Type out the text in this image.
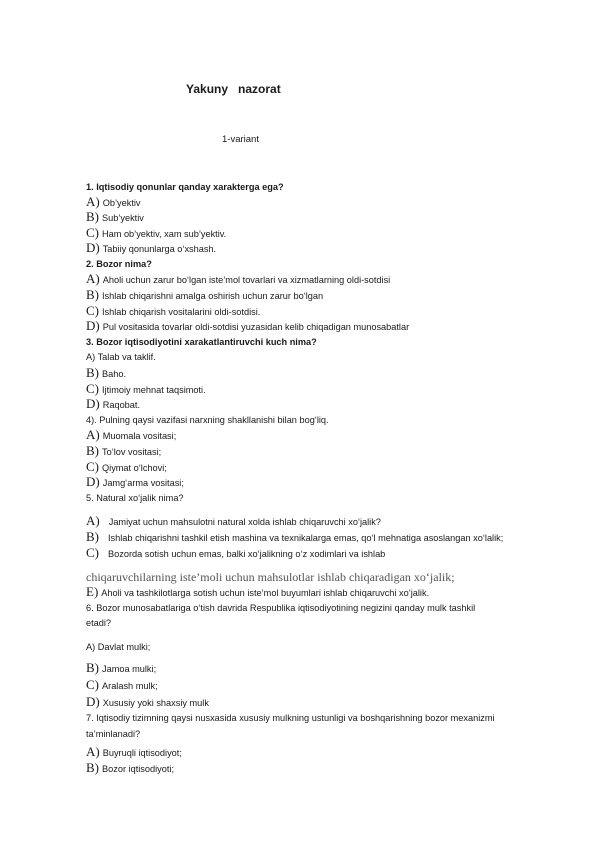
Yakuny   nazorat
1-variant
1. Iqtisodiy qonunlar qanday xarakterga ega?
A) Ob’yektiv
B) Sub’yektiv
C) Ham ob’yektiv, xam sub’yektiv.
D) Tabiiy qonunlarga o‘xshash.
2. Bozor nima?
A) Aholi uchun zarur bo‘lgan iste’mol tovarlari va xizmatlarning oldi-sotdisi
B) Ishlab chiqarishni amalga oshirish uchun zarur bo‘lgan
C) Ishlab chiqarish vositalarini oldi-sotdisi.
D) Pul vositasida tovarlar oldi-sotdisi yuzasidan kelib chiqadigan munosabatlar
3. Bozor iqtisodiyotini xarakatlantiruvchi kuch nima?
A) Talab va taklif.
B) Baho.
C) Ijtimoiy mehnat taqsimoti.
D) Raqobat.
4). Pulning qaysi vazifasi narxning shakllanishi bilan bog‘liq.
A) Muomala vositasi;
B) To‘lov vositasi;
C) Qiymat o‘lchovi;
D) Jamg‘arma vositasi;
5. Natural xo‘jalik nima?
A) Jamiyat uchun mahsulotni natural xolda ishlab chiqaruvchi xo‘jalik?
B) Ishlab chiqarishni tashkil etish mashina va texnikalarga emas, qo‘l mehnatiga asoslangan xo‘lalik;
C) Bozorda sotish uchun emas, balki xo‘jalikning o‘z xodimlari va ishlab
chiqaruvchilarning iste’moli uchun mahsulotlar ishlab chiqaradigan xo‘jalik;
E) Aholi va tashkilotlarga sotish uchun iste’mol buyumlari ishlab chiqaruvchi xo‘jalik.
6. Bozor munosabatlariga o‘tish davrida Respublika iqtisodiyotining negizini qanday mulk tashkil
etadi?
A) Davlat mulki;
B) Jamoa mulki;
C) Aralash mulk;
D) Xususiy yoki shaxsiy mulk
7. Iqtisodiy tizimning qaysi nusxasida xususiy mulkning ustunligi va boshqarishning bozor mexanizmi
ta’minlanadi?
A) Buyruqli iqtisodiyot;
B) Bozor iqtisodiyoti;
